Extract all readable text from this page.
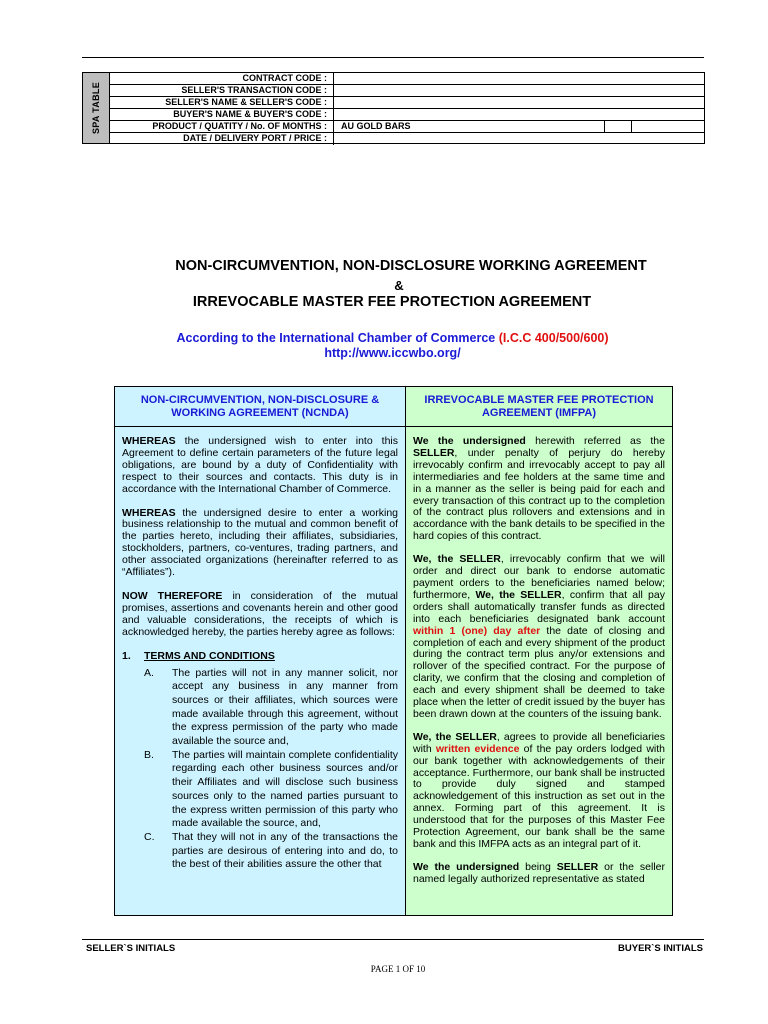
SPA TABLE
CONTRACT CODE :
SELLER'S TRANSACTION CODE :
SELLER'S NAME & SELLER'S CODE :
BUYER'S NAME & BUYER'S CODE :
PRODUCT / QUATITY / No. OF MONTHS :	AU GOLD BARS
DATE / DELIVERY PORT / PRICE :
NON-CIRCUMVENTION, NON-DISCLOSURE WORKING AGREEMENT
&
IRREVOCABLE MASTER FEE PROTECTION AGREEMENT
According to the International Chamber of Commerce (I.C.C 400/500/600)
http://www.iccwbo.org/
NON-CIRCUMVENTION, NON-DISCLOSURE & WORKING AGREEMENT (NCNDA)

WHEREAS the undersigned wish to enter into this Agreement to define certain parameters of the future legal obligations, are bound by a duty of Confidentiality with respect to their sources and contacts. This duty is in accordance with the International Chamber of Commerce.

WHEREAS the undersigned desire to enter a working business relationship to the mutual and common benefit of the parties hereto, including their affiliates, subsidiaries, stockholders, partners, co-ventures, trading partners, and other associated organizations (hereinafter referred to as “Affiliates”).

NOW THEREFORE in consideration of the mutual promises, assertions and covenants herein and other good and valuable considerations, the receipts of which is acknowledged hereby, the parties hereby agree as follows:

1. TERMS AND CONDITIONS
A. The parties will not in any manner solicit, nor accept any business in any manner from sources or their affiliates, which sources were made available through this agreement, without the express permission of the party who made available the source and,
B. The parties will maintain complete confidentiality regarding each other business sources and/or their Affiliates and will disclose such business sources only to the named parties pursuant to the express written permission of this party who made available the source, and,
C. That they will not in any of the transactions the parties are desirous of entering into and do, to the best of their abilities assure the other that
IRREVOCABLE MASTER FEE PROTECTION AGREEMENT (IMFPA)

We the undersigned herewith referred as the SELLER, under penalty of perjury do hereby irrevocably confirm and irrevocably accept to pay all intermediaries and fee holders at the same time and in a manner as the seller is being paid for each and every transaction of this contract up to the completion of the contract plus rollovers and extensions and in accordance with the bank details to be specified in the hard copies of this contract.

We, the SELLER, irrevocably confirm that we will order and direct our bank to endorse automatic payment orders to the beneficiaries named below; furthermore, We, the SELLER, confirm that all pay orders shall automatically transfer funds as directed into each beneficiaries designated bank account within 1 (one) day after the date of closing and completion of each and every shipment of the product during the contract term plus any/or extensions and rollover of the specified contract. For the purpose of clarity, we confirm that the closing and completion of each and every shipment shall be deemed to take place when the letter of credit issued by the buyer has been drawn down at the counters of the issuing bank.

We, the SELLER, agrees to provide all beneficiaries with written evidence of the pay orders lodged with our bank together with acknowledgements of their acceptance. Furthermore, our bank shall be instructed to provide duly signed and stamped acknowledgement of this instruction as set out in the annex. Forming part of this agreement. It is understood that for the purposes of this Master Fee Protection Agreement, our bank shall be the same bank and this IMFPA acts as an integral part of it.

We the undersigned being SELLER or the seller named legally authorized representative as stated

SELLER`S INITIALS	BUYER`S INITIALS
PAGE 1 OF 10
